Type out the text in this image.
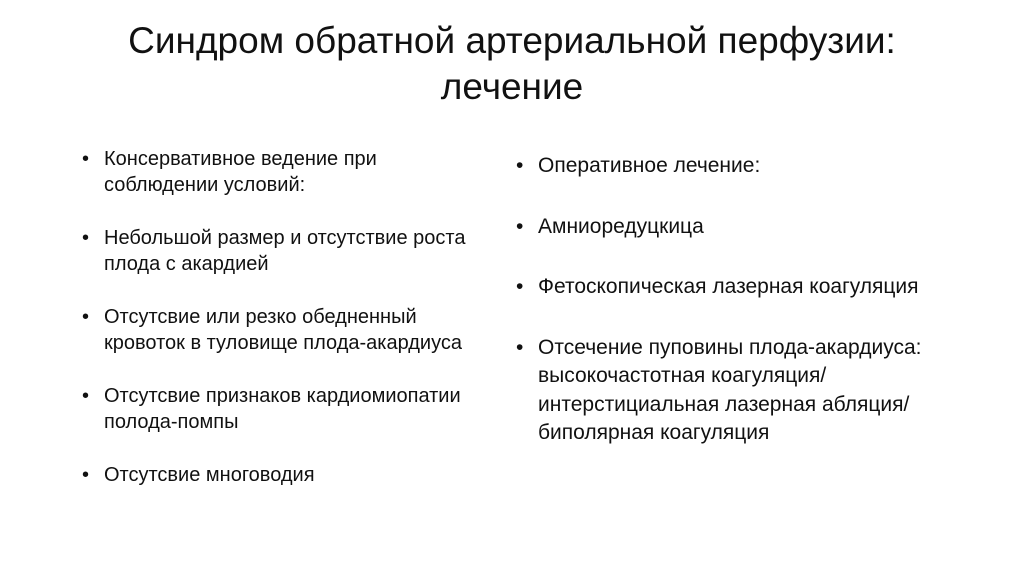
Синдром обратной артериальной перфузии:
лечение
• Консервативное ведение при соблюдении условий:
• Небольшой размер и отсутствие роста плода с акардией
• Отсутсвие или резко обедненный кровоток в туловище плода-акардиуса
• Отсутсвие признаков кардиомиопатии полода-помпы
• Отсутсвие многоводия
• Оперативное лечение:
• Амниоредуцкица
• Фетоскопическая лазерная коагуляция
• Отсечение пуповины плода-акардиуса: высокочастотная коагуляция/интерстициальная лазерная абляция/биполярная коагуляция
